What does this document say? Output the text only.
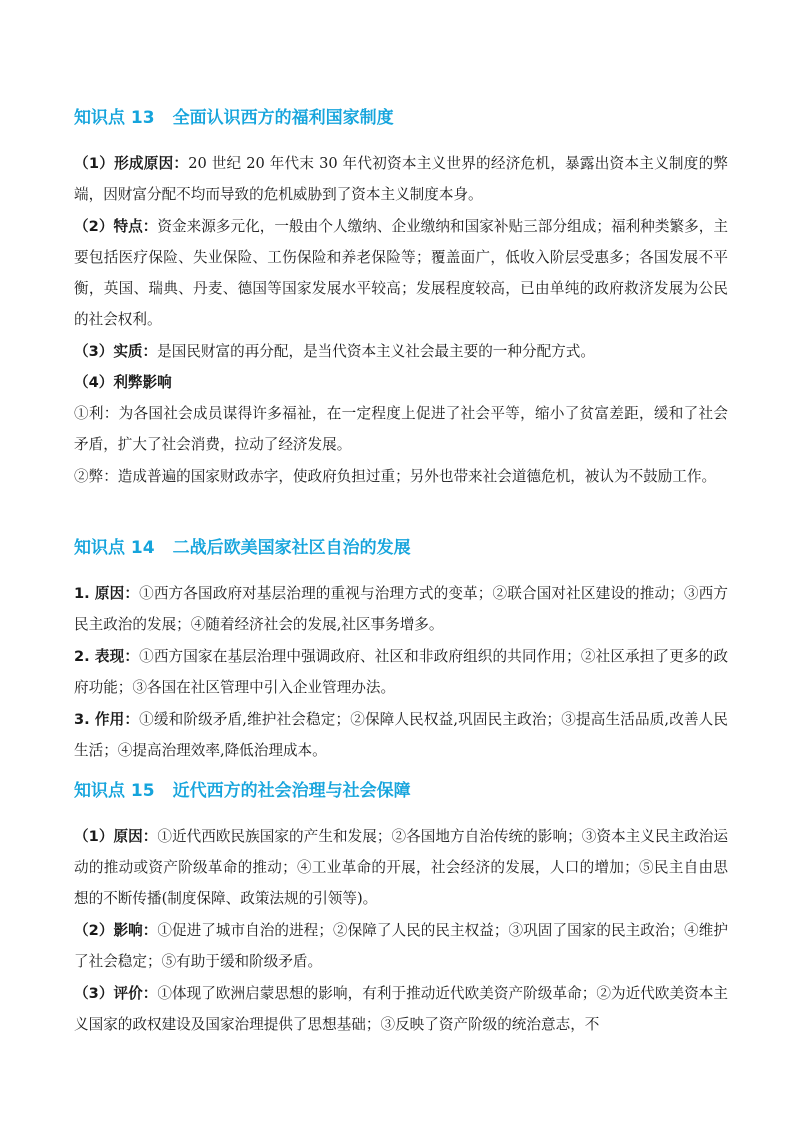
知识点 13 全面认识西方的福利国家制度
（1）形成原因：20 世纪 20 年代末 30 年代初资本主义世界的经济危机，暴露出资本主义制度的弊端，因财富分配不均而导致的危机威胁到了资本主义制度本身。
（2）特点：资金来源多元化，一般由个人缴纳、企业缴纳和国家补贴三部分组成；福利种类繁多，主要包括医疗保险、失业保险、工伤保险和养老保险等；覆盖面广，低收入阶层受惠多；各国发展不平衡，英国、瑞典、丹麦、德国等国家发展水平较高；发展程度较高，已由单纯的政府救济发展为公民的社会权利。
（3）实质：是国民财富的再分配，是当代资本主义社会最主要的一种分配方式。
（4）利弊影响
①利：为各国社会成员谋得许多福祉，在一定程度上促进了社会平等，缩小了贫富差距，缓和了社会矛盾，扩大了社会消费，拉动了经济发展。
②弊：造成普遍的国家财政赤字，使政府负担过重；另外也带来社会道德危机，被认为不鼓励工作。
知识点 14 二战后欧美国家社区自治的发展
1. 原因：①西方各国政府对基层治理的重视与治理方式的变革；②联合国对社区建设的推动；③西方民主政治的发展；④随着经济社会的发展,社区事务增多。
2. 表现：①西方国家在基层治理中强调政府、社区和非政府组织的共同作用；②社区承担了更多的政府功能；③各国在社区管理中引入企业管理办法。
3. 作用：①缓和阶级矛盾,维护社会稳定；②保障人民权益,巩固民主政治；③提高生活品质,改善人民生活；④提高治理效率,降低治理成本。
知识点 15 近代西方的社会治理与社会保障
（1）原因：①近代西欧民族国家的产生和发展；②各国地方自治传统的影响；③资本主义民主政治运动的推动或资产阶级革命的推动；④工业革命的开展，社会经济的发展，人口的增加；⑤民主自由思想的不断传播(制度保障、政策法规的引领等)。
（2）影响：①促进了城市自治的进程；②保障了人民的民主权益；③巩固了国家的民主政治；④维护了社会稳定；⑤有助于缓和阶级矛盾。
（3）评价：①体现了欧洲启蒙思想的影响，有利于推动近代欧美资产阶级革命；②为近代欧美资本主义国家的政权建设及国家治理提供了思想基础；③反映了资产阶级的统治意志，不
